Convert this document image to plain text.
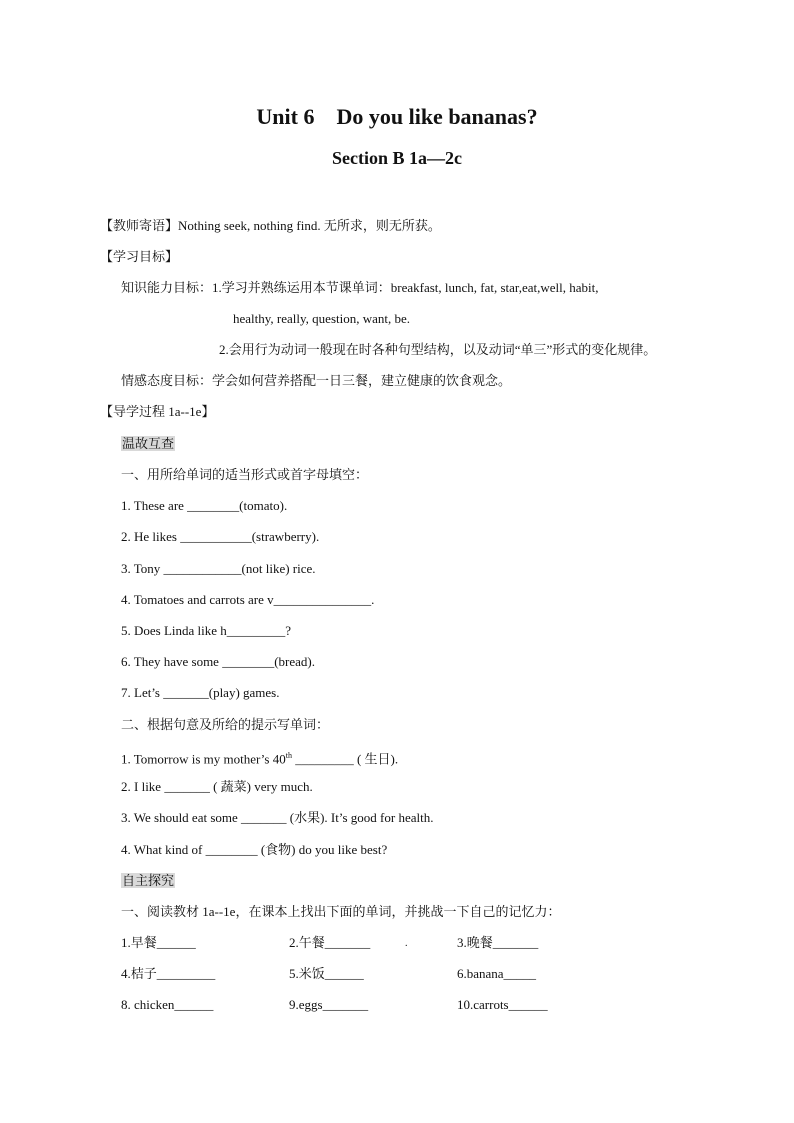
Unit 6    Do you like bananas?
Section B 1a—2c
【教师寄语】Nothing seek, nothing find. 无所求，则无所获。
【学习目标】
知识能力目标：1.学习并熟练运用本节课单词：breakfast, lunch, fat, star,eat,well, habit,
healthy, really, question, want, be.
2.会用行为动词一般现在时各种句型结构，以及动词“单三”形式的变化规律。
情感态度目标：学会如何营养搭配一日三餐，建立健康的饮食观念。
【导学过程 1a--1e】
温故互查
一、用所给单词的适当形式或首字母填空：
1. These are ________(tomato).
2. He likes ___________(strawberry).
3. Tony ____________(not like) rice.
4. Tomatoes and carrots are v_______________.
5. Does Linda like h_________?
6. They have some ________(bread).
7. Let’s _______(play) games.
二、根据句意及所给的提示写单词：
1. Tomorrow is my mother’s 40th _________ ( 生日).
2. I like _______ ( 蔬菜) very much.
3. We should eat some _______ (水果). It’s good for health.
4. What kind of ________ (食物) do you like best?
自主探究
一、阅读教材 1a--1e，在课本上找出下面的单词，并挑战一下自己的记忆力：
1.早餐______	2.午餐_______	.	3.晚餐_______
4.桔子_________	5.米饭______	6.banana_____
8. chicken______	9.eggs_______	10.carrots______
